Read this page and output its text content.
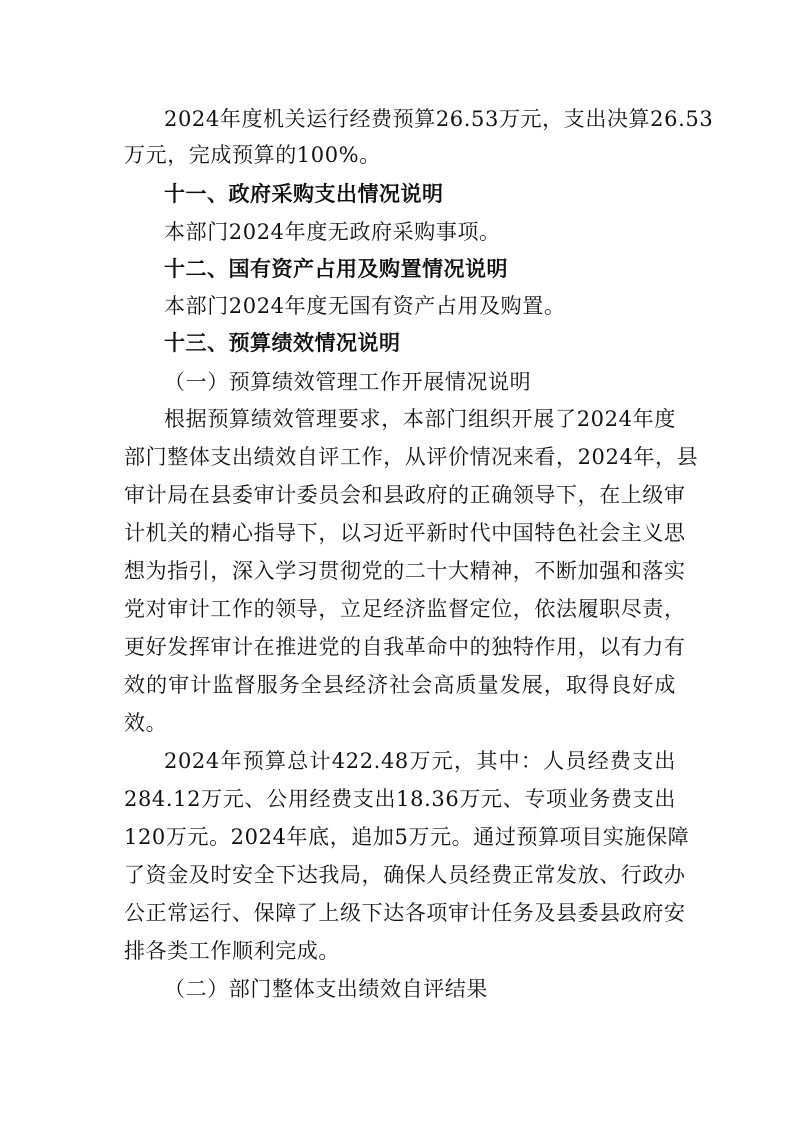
2024年度机关运行经费预算26.53万元，支出决算26.53
万元，完成预算的100%。
十一、政府采购支出情况说明
本部门2024年度无政府采购事项。
十二、国有资产占用及购置情况说明
本部门2024年度无国有资产占用及购置。
十三、预算绩效情况说明
（一）预算绩效管理工作开展情况说明
根据预算绩效管理要求，本部门组织开展了2024年度
部门整体支出绩效自评工作，从评价情况来看，2024年，县
审计局在县委审计委员会和县政府的正确领导下，在上级审
计机关的精心指导下，以习近平新时代中国特色社会主义思
想为指引，深入学习贯彻党的二十大精神，不断加强和落实
党对审计工作的领导，立足经济监督定位，依法履职尽责，
更好发挥审计在推进党的自我革命中的独特作用，以有力有
效的审计监督服务全县经济社会高质量发展，取得良好成
效。
2024年预算总计422.48万元，其中：人员经费支出
284.12万元、公用经费支出18.36万元、专项业务费支出
120万元。2024年底，追加5万元。通过预算项目实施保障
了资金及时安全下达我局，确保人员经费正常发放、行政办
公正常运行、保障了上级下达各项审计任务及县委县政府安
排各类工作顺利完成。
（二）部门整体支出绩效自评结果
